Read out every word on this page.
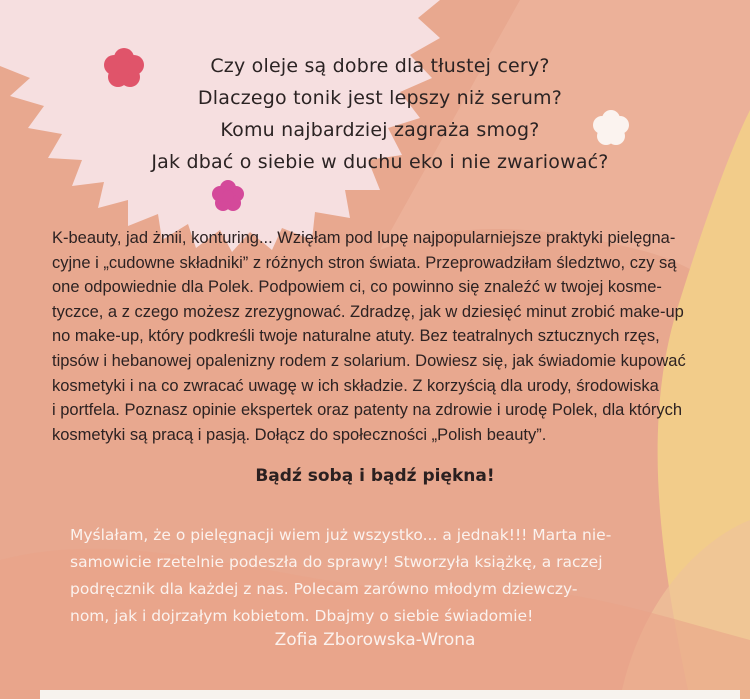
Czy oleje są dobre dla tłustej cery?
Dlaczego tonik jest lepszy niż serum?
Komu najbardziej zagraża smog?
Jak dbać o siebie w duchu eko i nie zwariować?
K-beauty, jad żmii, konturing... Wzięłam pod lupę najpopularniejsze praktyki pielęgna-
cyjne i „cudowne składniki” z różnych stron świata. Przeprowadziłam śledztwo, czy są
one odpowiednie dla Polek. Podpowiem ci, co powinno się znaleźć w twojej kosme-
tyczce, a z czego możesz zrezygnować. Zdradzę, jak w dziesięć minut zrobić make-up
no make-up, który podkreśli twoje naturalne atuty. Bez teatralnych sztucznych rzęs,
tipsów i hebanowej opalenizny rodem z solarium. Dowiesz się, jak świadomie kupować
kosmetyki i na co zwracać uwagę w ich składzie. Z korzyścią dla urody, środowiska
i portfela. Poznasz opinie ekspertek oraz patenty na zdrowie i urodę Polek, dla których
kosmetyki są pracą i pasją. Dołącz do społeczności „Polish beauty”.
Bądź sobą i bądź piękna!
Myślałam, że o pielęgnacji wiem już wszystko... a jednak!!! Marta nie-
samowicie rzetelnie podeszła do sprawy! Stworzyła książkę, a raczej
podręcznik dla każdej z nas. Polecam zarówno młodym dziewczy-
nom, jak i dojrzałym kobietom. Dbajmy o siebie świadomie!
Zofia Zborowska-Wrona
